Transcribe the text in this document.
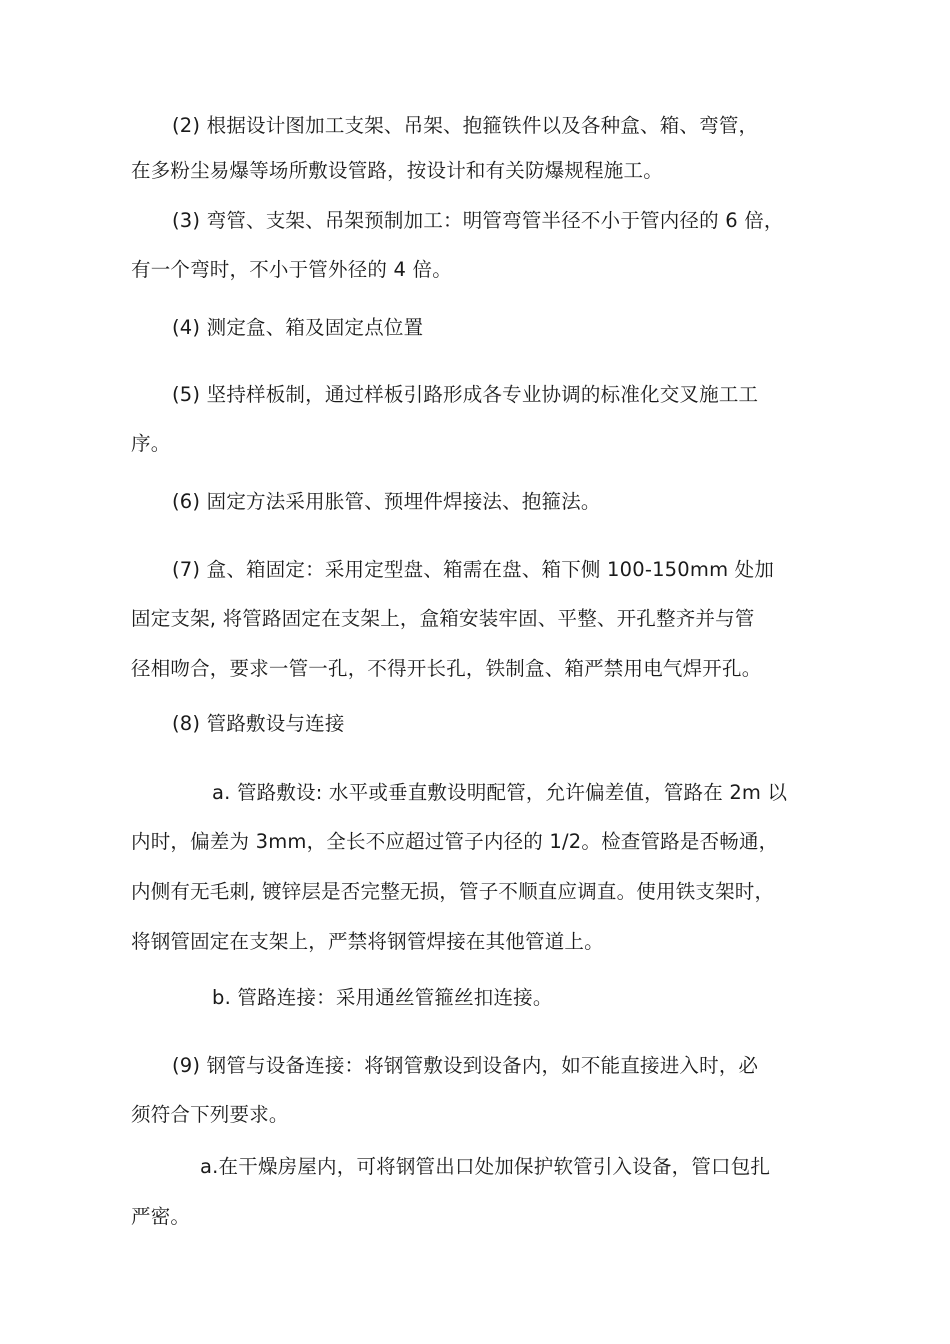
(2) 根据设计图加工支架、吊架、抱箍铁件以及各种盒、箱、弯管，
在多粉尘易爆等场所敷设管路，按设计和有关防爆规程施工。
(3) 弯管、支架、吊架预制加工：明管弯管半径不小于管内径的 6 倍，
有一个弯时，不小于管外径的 4 倍。
(4) 测定盒、箱及固定点位置
(5) 坚持样板制，通过样板引路形成各专业协调的标准化交叉施工工
序。
(6) 固定方法采用胀管、预埋件焊接法、抱箍法。
(7) 盒、箱固定：采用定型盘、箱需在盘、箱下侧 100-150mm 处加
固定支架, 将管路固定在支架上，盒箱安装牢固、平整、开孔整齐并与管
径相吻合，要求一管一孔，不得开长孔，铁制盒、箱严禁用电气焊开孔。
(8) 管路敷设与连接
a. 管路敷设: 水平或垂直敷设明配管，允许偏差值，管路在 2m 以
内时，偏差为 3mm，全长不应超过管子内径的 1/2。检查管路是否畅通，
内侧有无毛刺, 镀锌层是否完整无损，管子不顺直应调直。使用铁支架时，
将钢管固定在支架上，严禁将钢管焊接在其他管道上。
b. 管路连接：采用通丝管箍丝扣连接。
(9) 钢管与设备连接：将钢管敷设到设备内，如不能直接进入时，必
须符合下列要求。
a.在干燥房屋内，可将钢管出口处加保护软管引入设备，管口包扎
严密。
